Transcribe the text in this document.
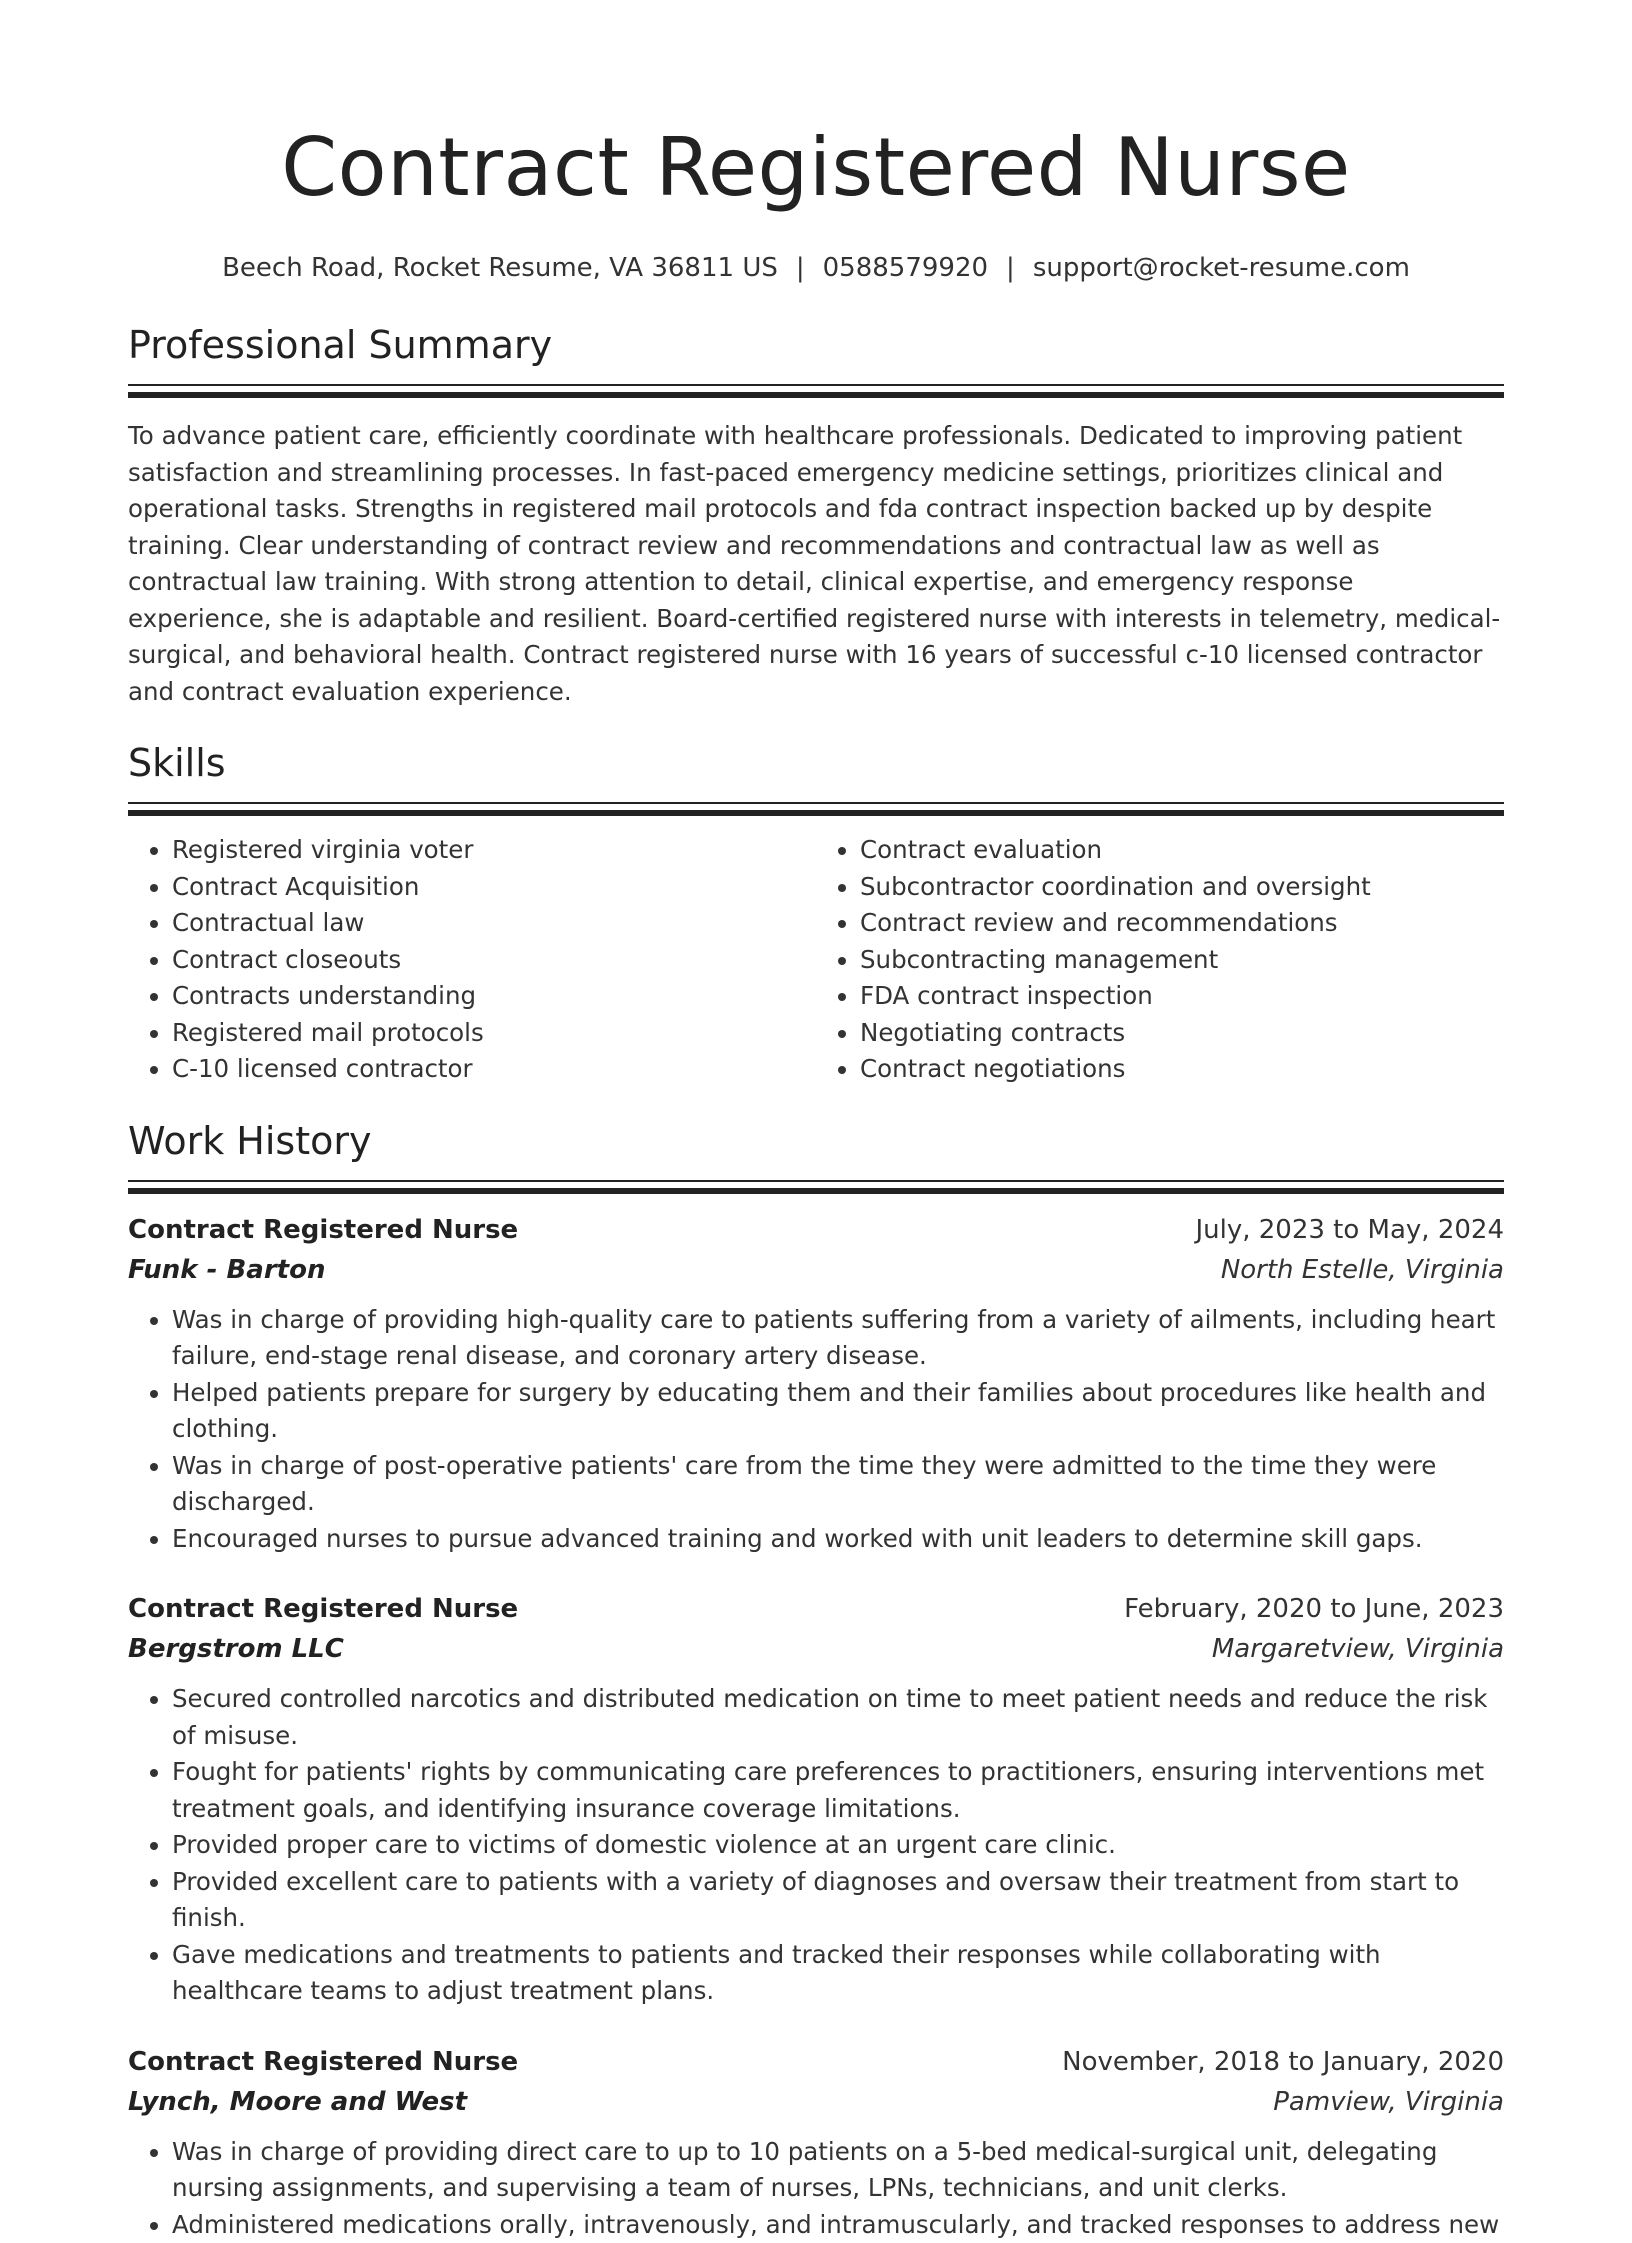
Contract Registered Nurse
Beech Road, Rocket Resume, VA 36811 US | 0588579920 | support@rocket-resume.com
Professional Summary
To advance patient care, efficiently coordinate with healthcare professionals. Dedicated to improving patient satisfaction and streamlining processes. In fast-paced emergency medicine settings, prioritizes clinical and operational tasks. Strengths in registered mail protocols and fda contract inspection backed up by despite training. Clear understanding of contract review and recommendations and contractual law as well as contractual law training. With strong attention to detail, clinical expertise, and emergency response experience, she is adaptable and resilient. Board-certified registered nurse with interests in telemetry, medical-surgical, and behavioral health. Contract registered nurse with 16 years of successful c-10 licensed contractor and contract evaluation experience.
Skills
• Registered virginia voter
• Contract Acquisition
• Contractual law
• Contract closeouts
• Contracts understanding
• Registered mail protocols
• C-10 licensed contractor
• Contract evaluation
• Subcontractor coordination and oversight
• Contract review and recommendations
• Subcontracting management
• FDA contract inspection
• Negotiating contracts
• Contract negotiations
Work History
Contract Registered Nurse	July, 2023 to May, 2024
Funk - Barton	North Estelle, Virginia
• Was in charge of providing high-quality care to patients suffering from a variety of ailments, including heart failure, end-stage renal disease, and coronary artery disease.
• Helped patients prepare for surgery by educating them and their families about procedures like health and clothing.
• Was in charge of post-operative patients' care from the time they were admitted to the time they were discharged.
• Encouraged nurses to pursue advanced training and worked with unit leaders to determine skill gaps.
Contract Registered Nurse	February, 2020 to June, 2023
Bergstrom LLC	Margaretview, Virginia
• Secured controlled narcotics and distributed medication on time to meet patient needs and reduce the risk of misuse.
• Fought for patients' rights by communicating care preferences to practitioners, ensuring interventions met treatment goals, and identifying insurance coverage limitations.
• Provided proper care to victims of domestic violence at an urgent care clinic.
• Provided excellent care to patients with a variety of diagnoses and oversaw their treatment from start to finish.
• Gave medications and treatments to patients and tracked their responses while collaborating with healthcare teams to adjust treatment plans.
Contract Registered Nurse	November, 2018 to January, 2020
Lynch, Moore and West	Pamview, Virginia
• Was in charge of providing direct care to up to 10 patients on a 5-bed medical-surgical unit, delegating nursing assignments, and supervising a team of nurses, LPNs, technicians, and unit clerks.
• Administered medications orally, intravenously, and intramuscularly, and tracked responses to address new
